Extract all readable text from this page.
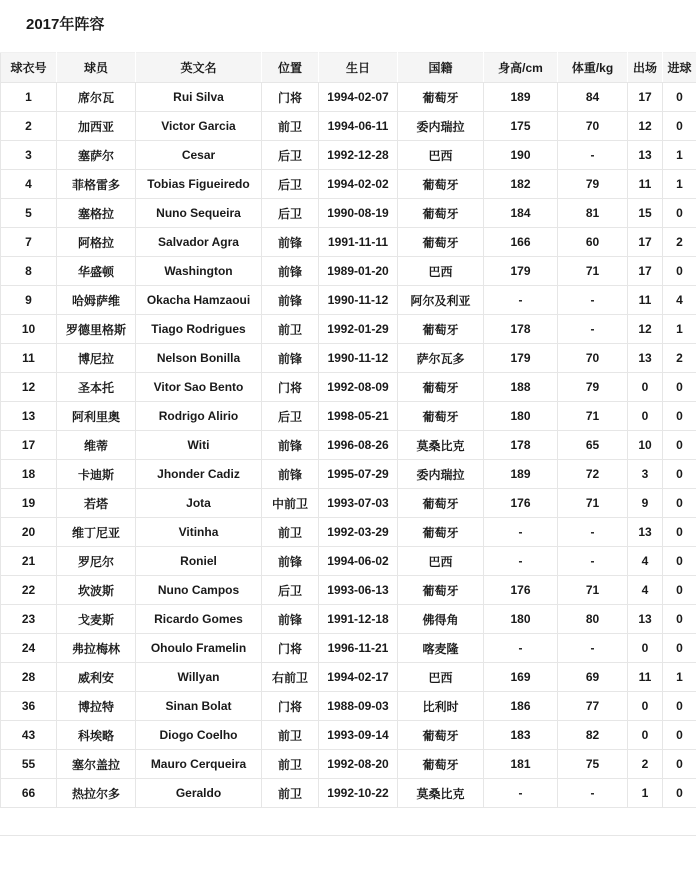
2017年阵容
球衣号	球员	英文名	位置	生日	国籍	身高/cm	体重/kg	出场	进球
1	席尔瓦	Rui Silva	门将	1994-02-07	葡萄牙	189	84	17	0
2	加西亚	Victor Garcia	前卫	1994-06-11	委内瑞拉	175	70	12	0
3	塞萨尔	Cesar	后卫	1992-12-28	巴西	190	-	13	1
4	菲格雷多	Tobias Figueiredo	后卫	1994-02-02	葡萄牙	182	79	11	1
5	塞格拉	Nuno Sequeira	后卫	1990-08-19	葡萄牙	184	81	15	0
7	阿格拉	Salvador Agra	前锋	1991-11-11	葡萄牙	166	60	17	2
8	华盛顿	Washington	前锋	1989-01-20	巴西	179	71	17	0
9	哈姆萨维	Okacha Hamzaoui	前锋	1990-11-12	阿尔及利亚	-	-	11	4
10	罗德里格斯	Tiago Rodrigues	前卫	1992-01-29	葡萄牙	178	-	12	1
11	博尼拉	Nelson Bonilla	前锋	1990-11-12	萨尔瓦多	179	70	13	2
12	圣本托	Vitor Sao Bento	门将	1992-08-09	葡萄牙	188	79	0	0
13	阿利里奥	Rodrigo Alirio	后卫	1998-05-21	葡萄牙	180	71	0	0
17	维蒂	Witi	前锋	1996-08-26	莫桑比克	178	65	10	0
18	卡迪斯	Jhonder Cadiz	前锋	1995-07-29	委内瑞拉	189	72	3	0
19	若塔	Jota	中前卫	1993-07-03	葡萄牙	176	71	9	0
20	维丁尼亚	Vitinha	前卫	1992-03-29	葡萄牙	-	-	13	0
21	罗尼尔	Roniel	前锋	1994-06-02	巴西	-	-	4	0
22	坎波斯	Nuno Campos	后卫	1993-06-13	葡萄牙	176	71	4	0
23	戈麦斯	Ricardo Gomes	前锋	1991-12-18	佛得角	180	80	13	0
24	弗拉梅林	Ohoulo Framelin	门将	1996-11-21	喀麦隆	-	-	0	0
28	威利安	Willyan	右前卫	1994-02-17	巴西	169	69	11	1
36	博拉特	Sinan Bolat	门将	1988-09-03	比利时	186	77	0	0
43	科埃略	Diogo Coelho	前卫	1993-09-14	葡萄牙	183	82	0	0
55	塞尔盖拉	Mauro Cerqueira	前卫	1992-08-20	葡萄牙	181	75	2	0
66	热拉尔多	Geraldo	前卫	1992-10-22	莫桑比克	-	-	1	0
